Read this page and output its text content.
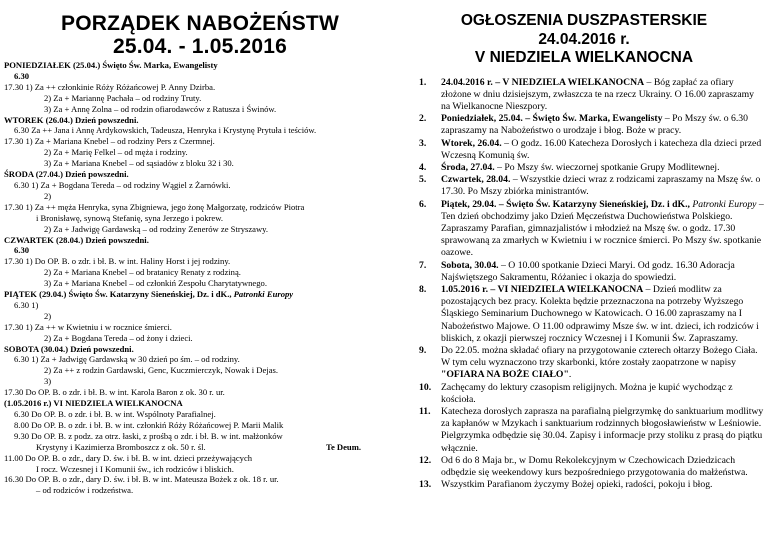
PORZĄDEK NABOŻEŃSTW
25.04. - 1.05.2016
PONIEDZIAŁEK (25.04.) Święto Św. Marka, Ewangelisty
6.30
17.30 1) Za ++ członkinie Róży Różańcowej P. Anny Dzirba.
2) Za + Mariannę Pachała – od rodziny Truty.
3) Za + Annę Zolna – od rodzin ofiarodawców z Ratusza i Świnów.
WTOREK (26.04.) Dzień powszedni.
6.30 Za ++ Jana i Annę Ardykowskich, Tadeusza, Henryka i Krystynę Prytuła i teściów.
17.30 1) Za + Mariana Knebel – od rodziny Pers z Czermnej.
2) Za + Marię Felkel – od męża i rodziny.
3) Za + Mariana Knebel – od sąsiadów z bloku 32 i 30.
ŚRODA (27.04.) Dzień powszedni.
6.30 1) Za + Bogdana Tereda – od rodziny Wągiel z Żarnówki.
2)
17.30 1) Za ++ męża Henryka, syna Zbigniewa, jego żonę Małgorzatę, rodziców Piotra
i Bronisławę, synową Stefanię, syna Jerzego i pokrew.
2) Za + Jadwigę Gardawską – od rodziny Zenerów ze Stryszawy.
CZWARTEK (28.04.) Dzień powszedni.
6.30
17.30 1) Do OP. B. o zdr. i bł. B. w int. Haliny Horst i jej rodziny.
2) Za + Mariana Knebel – od bratanicy Renaty z rodziną.
3) Za + Mariana Knebel – od członkiń Zespołu Charytatywnego.
PIĄTEK (29.04.) Święto Św. Katarzyny Sieneńskiej, Dz. i dK., Patronki Europy
6.30 1)
2)
17.30 1) Za ++ w Kwietniu i w rocznice śmierci.
2) Za + Bogdana Tereda – od żony i dzieci.
SOBOTA (30.04.) Dzień powszedni.
6.30 1) Za + Jadwigę Gardawską w 30 dzień po śm. – od rodziny.
2) Za ++ z rodzin Gardawski, Genc, Kuczmierczyk, Nowak i Dejas.
3)
17.30 Do OP. B. o zdr. i bł. B. w int. Karola Baron z ok. 30 r. ur.
(1.05.2016 r.) VI NIEDZIELA WIELKANOCNA
6.30 Do OP. B. o zdr. i bł. B. w int. Wspólnoty Parafialnej.
8.00 Do OP. B. o zdr. i bł. B. w int. członkiń Róży Różańcowej P. Marii Malik
9.30 Do OP. B. z podz. za otrz. łaski, z prośbą o zdr. i bł. B. w int. małżonków
Krystyny i Kazimierza Bromboszcz z ok. 50 r. śl.	Te Deum.
11.00 Do OP. B. o zdr., dary D. św. i bł. B. w int. dzieci przeżywających
I rocz. Wczesnej i I Komunii św., ich rodziców i bliskich.
16.30 Do OP. B. o zdr., dary D. św. i bł. B. w int. Mateusza Bożek z ok. 18 r. ur.
– od rodziców i rodzeństwa.
OGŁOSZENIA DUSZPASTERSKIE
24.04.2016 r.
V NIEDZIELA WIELKANOCNA
1. 24.04.2016 r. – V NIEDZIELA WIELKANOCNA – Bóg zapłać za ofiary złożone w dniu dzisiejszym, zwłaszcza te na rzecz Ukrainy. O 16.00 zapraszamy na Wielkanocne Nieszpory.
2. Poniedziałek, 25.04. – Święto Św. Marka, Ewangelisty – Po Mszy św. o 6.30 zapraszamy na Nabożeństwo o urodzaje i błog. Boże w pracy.
3. Wtorek, 26.04. – O godz. 16.00 Katecheza Dorosłych i katecheza dla dzieci przed Wczesną Komunią św.
4. Środa, 27.04. – Po Mszy św. wieczornej spotkanie Grupy Modlitewnej.
5. Czwartek, 28.04. – Wszystkie dzieci wraz z rodzicami zapraszamy na Mszę św. o 17.30. Po Mszy zbiórka ministrantów.
6. Piątek, 29.04. – Święto Św. Katarzyny Sieneńskiej, Dz. i dK., Patronki Europy – Ten dzień obchodzimy jako Dzień Męczeństwa Duchowieństwa Polskiego. Zapraszamy Parafian, gimnazjalistów i młodzież na Mszę św. o godz. 17.30 sprawowaną za zmarłych w Kwietniu i w rocznice śmierci. Po Mszy św. spotkanie oazowe.
7. Sobota, 30.04. – O 10.00 spotkanie Dzieci Maryi. Od godz. 16.30 Adoracja Najświętszego Sakramentu, Różaniec i okazja do spowiedzi.
8. 1.05.2016 r. – VI NIEDZIELA WIELKANOCNA – Dzień modlitw za pozostających bez pracy. Kolekta będzie przeznaczona na potrzeby Wyższego Śląskiego Seminarium Duchownego w Katowicach. O 16.00 zapraszamy na I Nabożeństwo Majowe. O 11.00 odprawimy Msze św. w int. dzieci, ich rodziców i bliskich, z okazji pierwszej rocznicy Wczesnej i I Komunii Św. Zapraszamy.
9. Do 22.05. można składać ofiary na przygotowanie czterech ołtarzy Bożego Ciała. W tym celu wyznaczono trzy skarbonki, które zostały zaopatrzone w napisy "OFIARA NA BOŻE CIAŁO".
10. Zachęcamy do lektury czasopism religijnych. Można je kupić wychodząc z kościoła.
11. Katecheza dorosłych zaprasza na parafialną pielgrzymkę do sanktuarium modlitwy za kapłanów w Mzykach i sanktuarium rodzinnych błogosławieństw w Leśniowie. Pielgrzymka odbędzie się 30.04. Zapisy i informacje przy stoliku z prasą do piątku włącznie.
12. Od 6 do 8 Maja br., w Domu Rekolekcyjnym w Czechowicach Dziedzicach odbędzie się weekendowy kurs bezpośredniego przygotowania do małżeństwa.
13. Wszystkim Parafianom życzymy Bożej opieki, radości, pokoju i błog.
